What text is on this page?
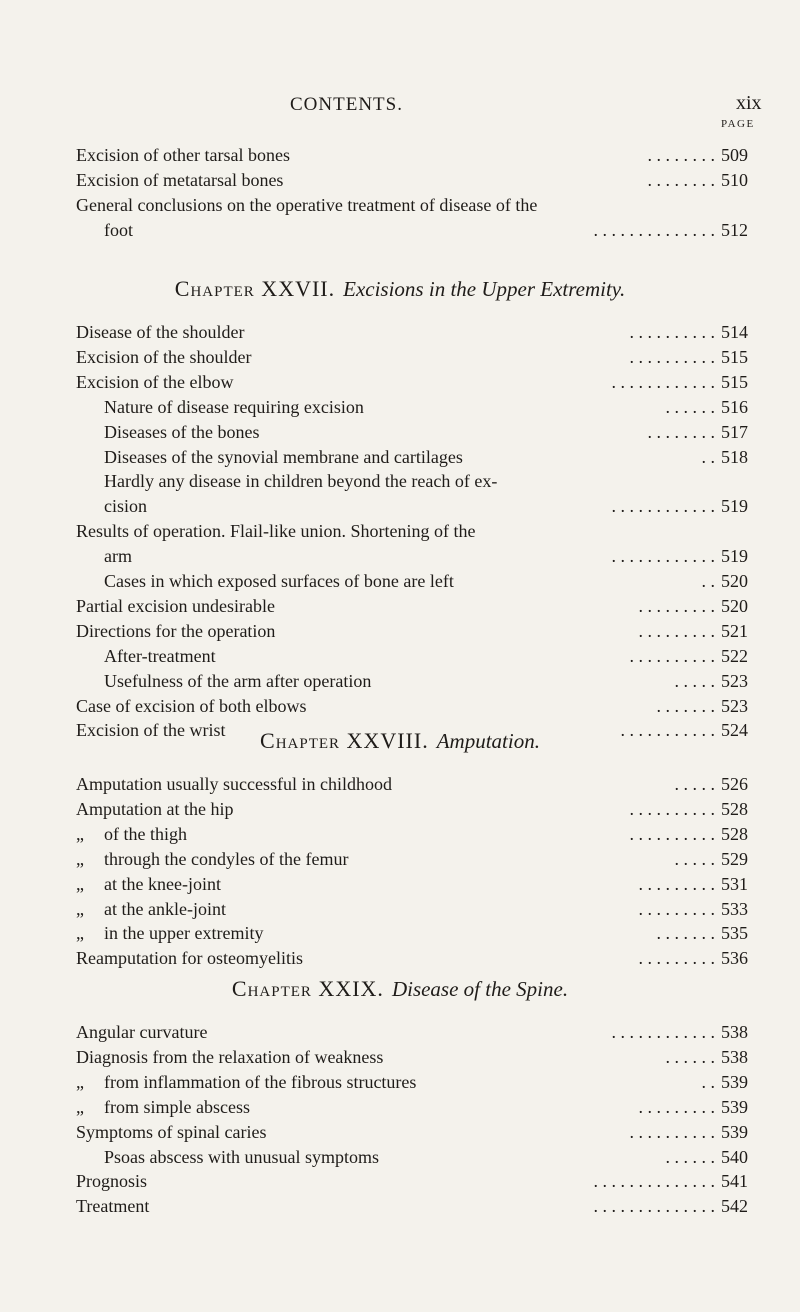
CONTENTS.	xix
PAGE
Excision of other tarsal bones	. . . . . . . . 509
Excision of metatarsal bones	. . . . . . . . 510
General conclusions on the operative treatment of disease of the
foot	. . . . . . . . . . . . . . 512
Chapter XXVII. Excisions in the Upper Extremity.
Disease of the shoulder	. . . . . . . . . . 514
Excision of the shoulder	. . . . . . . . . . 515
Excision of the elbow	. . . . . . . . . . . . 515
Nature of disease requiring excision	. . . . . . 516
Diseases of the bones	. . . . . . . . 517
Diseases of the synovial membrane and cartilages	. . 518
Hardly any disease in children beyond the reach of ex-
cision	. . . . . . . . . . . . 519
Results of operation. Flail-like union. Shortening of the
arm	. . . . . . . . . . . . 519
Cases in which exposed surfaces of bone are left	. . 520
Partial excision undesirable	. . . . . . . . . 520
Directions for the operation	. . . . . . . . . 521
After-treatment	. . . . . . . . . . 522
Usefulness of the arm after operation	. . . . . 523
Case of excision of both elbows	. . . . . . . 523
Excision of the wrist	. . . . . . . . . . . 524
Chapter XXVIII. Amputation.
Amputation usually successful in childhood	. . . . . 526
Amputation at the hip	. . . . . . . . . . 528
„ of the thigh	. . . . . . . . . . 528
„ through the condyles of the femur	. . . . . 529
„ at the knee-joint	. . . . . . . . . 531
„ at the ankle-joint	. . . . . . . . . 533
„ in the upper extremity	. . . . . . . 535
Reamputation for osteomyelitis	. . . . . . . . . 536
Chapter XXIX. Disease of the Spine.
Angular curvature	. . . . . . . . . . . . 538
Diagnosis from the relaxation of weakness	. . . . . . 538
„ from inflammation of the fibrous structures	. . 539
„ from simple abscess	. . . . . . . . . 539
Symptoms of spinal caries	. . . . . . . . . . 539
Psoas abscess with unusual symptoms	. . . . . . 540
Prognosis	. . . . . . . . . . . . . . 541
Treatment	. . . . . . . . . . . . . . 542
